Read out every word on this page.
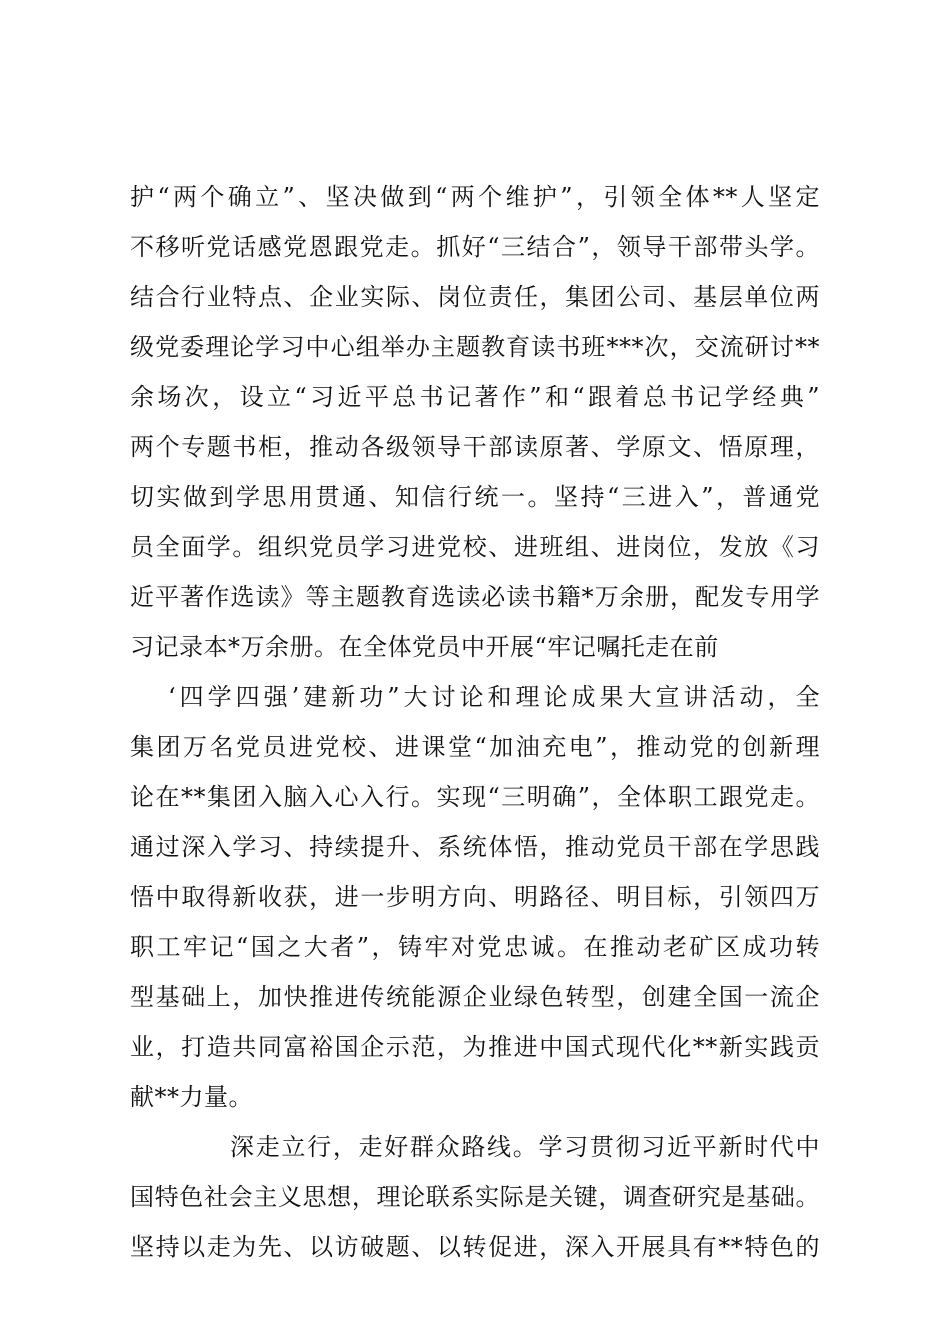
护“两个确立”、坚决做到“两个维护”，引领全体**人坚定
不移听党话感党恩跟党走。抓好“三结合”，领导干部带头学。
结合行业特点、企业实际、岗位责任，集团公司、基层单位两
级党委理论学习中心组举办主题教育读书班***次，交流研讨**
余场次，设立“习近平总书记著作”和“跟着总书记学经典”
两个专题书柜，推动各级领导干部读原著、学原文、悟原理，
切实做到学思用贯通、知信行统一。坚持“三进入”，普通党
员全面学。组织党员学习进党校、进班组、进岗位，发放《习
近平著作选读》等主题教育选读必读书籍*万余册，配发专用学
习记录本*万余册。在全体党员中开展“牢记嘱托走在前
‘四学四强’建新功”大讨论和理论成果大宣讲活动，全
集团万名党员进党校、进课堂“加油充电”，推动党的创新理
论在**集团入脑入心入行。实现“三明确”，全体职工跟党走。
通过深入学习、持续提升、系统体悟，推动党员干部在学思践
悟中取得新收获，进一步明方向、明路径、明目标，引领四万
职工牢记“国之大者”，铸牢对党忠诚。在推动老矿区成功转
型基础上，加快推进传统能源企业绿色转型，创建全国一流企
业，打造共同富裕国企示范，为推进中国式现代化**新实践贡
献**力量。
深走立行，走好群众路线。学习贯彻习近平新时代中
国特色社会主义思想，理论联系实际是关键，调查研究是基础。
坚持以走为先、以访破题、以转促进，深入开展具有**特色的
